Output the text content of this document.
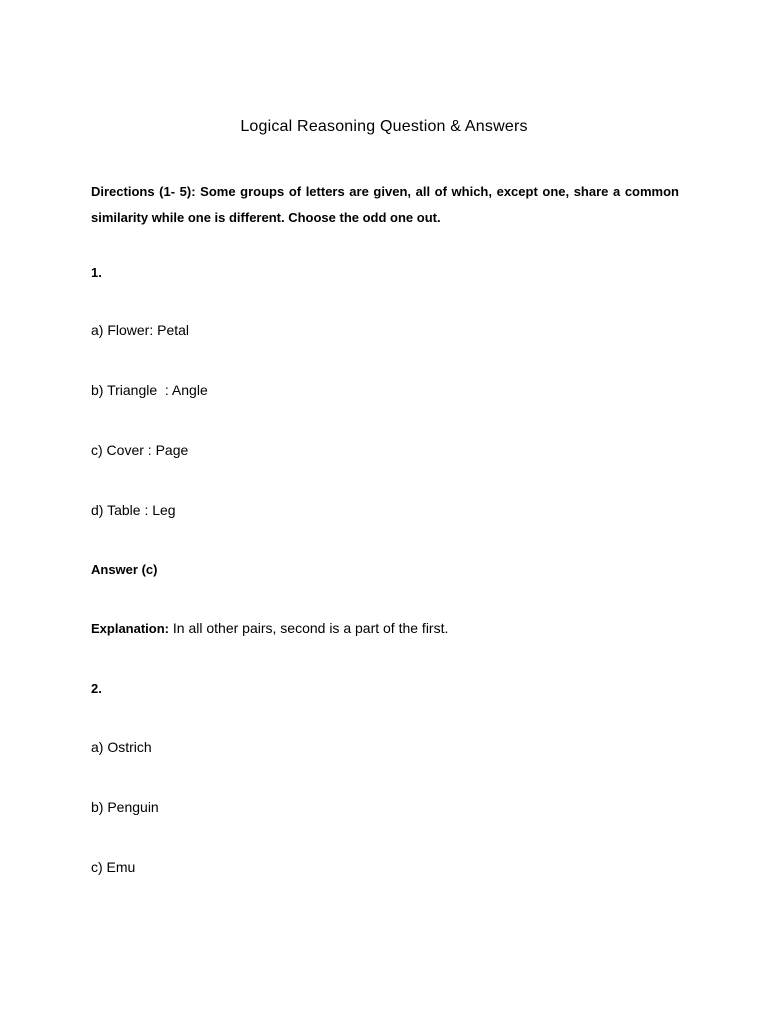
Logical Reasoning Question & Answers

Directions (1- 5): Some groups of letters are given, all of which, except one, share a common similarity while one is different. Choose the odd one out.

1.

a) Flower: Petal

b) Triangle  : Angle

c) Cover : Page

d) Table : Leg

Answer (c)

Explanation: In all other pairs, second is a part of the first.

2.

a) Ostrich

b) Penguin

c) Emu
